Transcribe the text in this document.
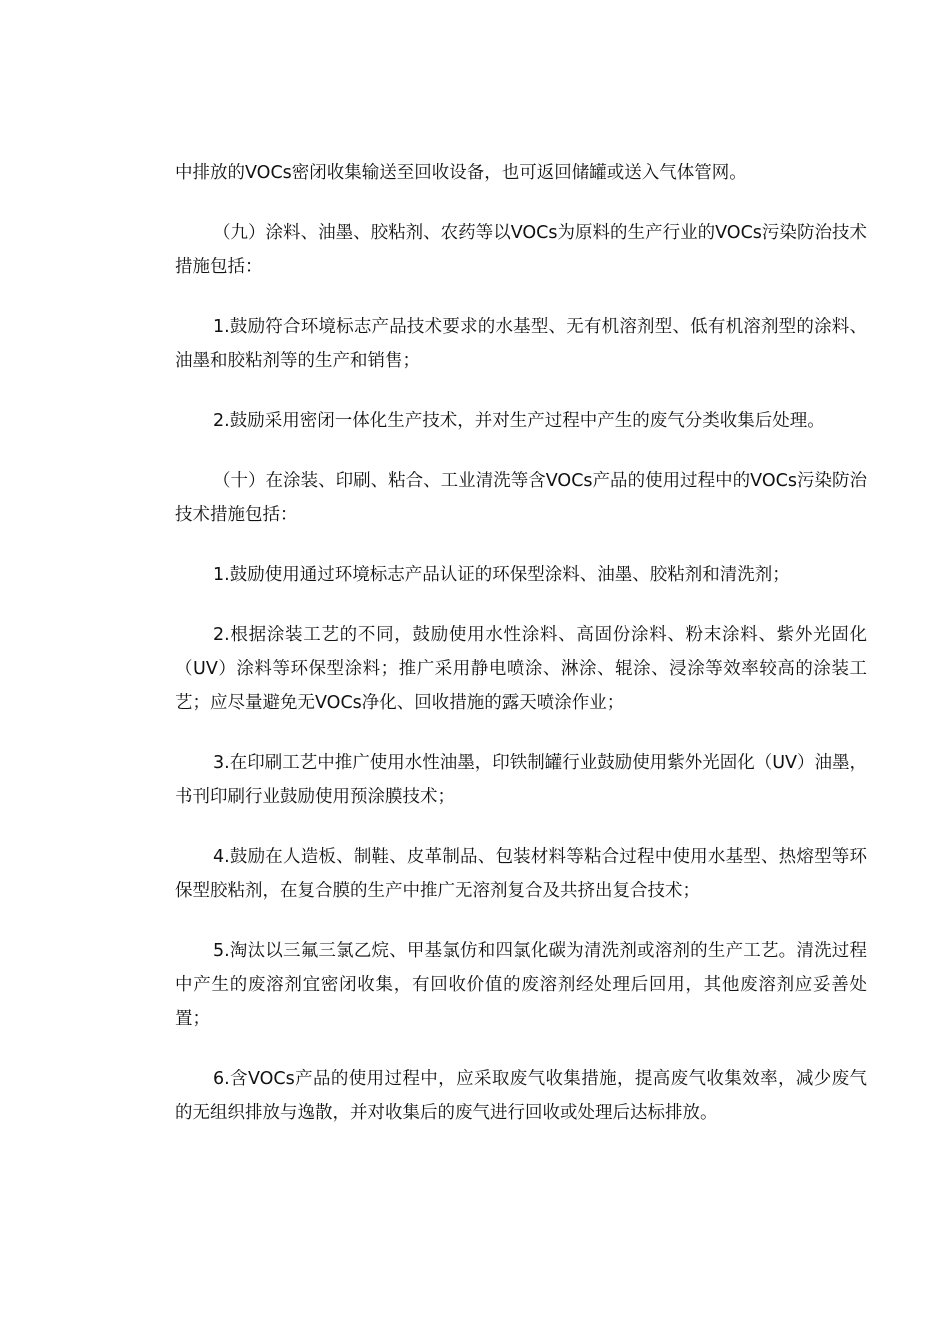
中排放的VOCs密闭收集输送至回收设备，也可返回储罐或送入气体管网。

（九）涂料、油墨、胶粘剂、农药等以VOCs为原料的生产行业的VOCs污染防治技术措施包括：

1.鼓励符合环境标志产品技术要求的水基型、无有机溶剂型、低有机溶剂型的涂料、油墨和胶粘剂等的生产和销售；

2.鼓励采用密闭一体化生产技术，并对生产过程中产生的废气分类收集后处理。

（十）在涂装、印刷、粘合、工业清洗等含VOCs产品的使用过程中的VOCs污染防治技术措施包括：

1.鼓励使用通过环境标志产品认证的环保型涂料、油墨、胶粘剂和清洗剂；

2.根据涂装工艺的不同，鼓励使用水性涂料、高固份涂料、粉末涂料、紫外光固化（UV）涂料等环保型涂料；推广采用静电喷涂、淋涂、辊涂、浸涂等效率较高的涂装工艺；应尽量避免无VOCs净化、回收措施的露天喷涂作业；

3.在印刷工艺中推广使用水性油墨，印铁制罐行业鼓励使用紫外光固化（UV）油墨，书刊印刷行业鼓励使用预涂膜技术；

4.鼓励在人造板、制鞋、皮革制品、包装材料等粘合过程中使用水基型、热熔型等环保型胶粘剂，在复合膜的生产中推广无溶剂复合及共挤出复合技术；

5.淘汰以三氟三氯乙烷、甲基氯仿和四氯化碳为清洗剂或溶剂的生产工艺。清洗过程中产生的废溶剂宜密闭收集，有回收价值的废溶剂经处理后回用，其他废溶剂应妥善处置；

6.含VOCs产品的使用过程中，应采取废气收集措施，提高废气收集效率，减少废气的无组织排放与逸散，并对收集后的废气进行回收或处理后达标排放。
